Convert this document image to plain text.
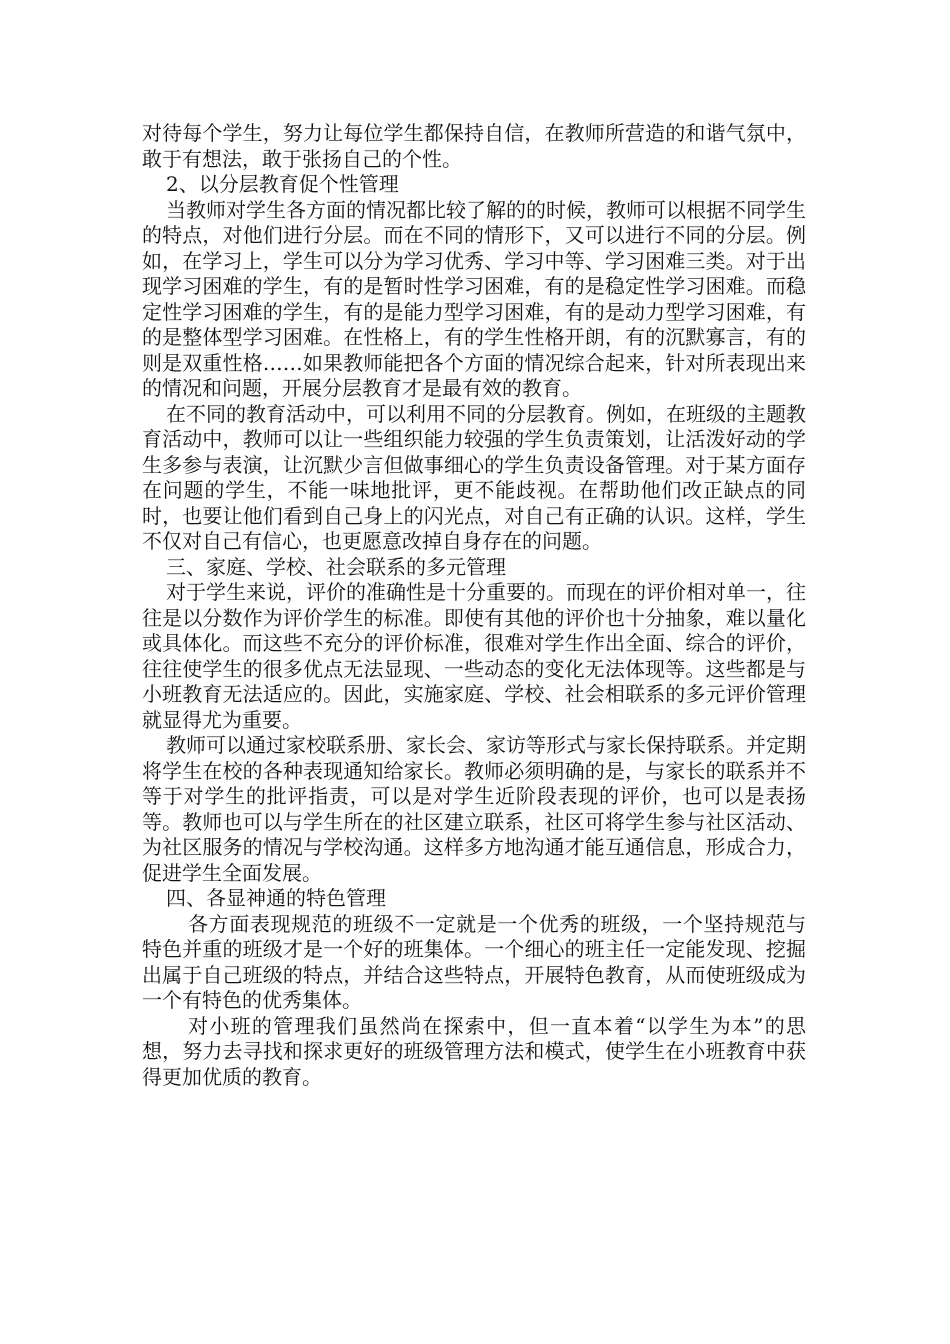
对待每个学生，努力让每位学生都保持自信，在教师所营造的和谐气氛中，敢于有想法，敢于张扬自己的个性。

2、以分层教育促个性管理

当教师对学生各方面的情况都比较了解的的时候，教师可以根据不同学生的特点，对他们进行分层。而在不同的情形下，又可以进行不同的分层。例如，在学习上，学生可以分为学习优秀、学习中等、学习困难三类。对于出现学习困难的学生，有的是暂时性学习困难，有的是稳定性学习困难。而稳定性学习困难的学生，有的是能力型学习困难，有的是动力型学习困难，有的是整体型学习困难。在性格上，有的学生性格开朗，有的沉默寡言，有的则是双重性格……如果教师能把各个方面的情况综合起来，针对所表现出来的情况和问题，开展分层教育才是最有效的教育。

在不同的教育活动中，可以利用不同的分层教育。例如，在班级的主题教育活动中，教师可以让一些组织能力较强的学生负责策划，让活泼好动的学生多参与表演，让沉默少言但做事细心的学生负责设备管理。对于某方面存在问题的学生，不能一味地批评，更不能歧视。在帮助他们改正缺点的同时，也要让他们看到自己身上的闪光点，对自己有正确的认识。这样，学生不仅对自己有信心，也更愿意改掉自身存在的问题。

三、家庭、学校、社会联系的多元管理

对于学生来说，评价的准确性是十分重要的。而现在的评价相对单一，往往是以分数作为评价学生的标准。即使有其他的评价也十分抽象，难以量化或具体化。而这些不充分的评价标准，很难对学生作出全面、综合的评价，往往使学生的很多优点无法显现、一些动态的变化无法体现等。这些都是与小班教育无法适应的。因此，实施家庭、学校、社会相联系的多元评价管理就显得尤为重要。

教师可以通过家校联系册、家长会、家访等形式与家长保持联系。并定期将学生在校的各种表现通知给家长。教师必须明确的是，与家长的联系并不等于对学生的批评指责，可以是对学生近阶段表现的评价，也可以是表扬等。教师也可以与学生所在的社区建立联系，社区可将学生参与社区活动、为社区服务的情况与学校沟通。这样多方地沟通才能互通信息，形成合力，促进学生全面发展。

四、各显神通的特色管理

各方面表现规范的班级不一定就是一个优秀的班级，一个坚持规范与特色并重的班级才是一个好的班集体。一个细心的班主任一定能发现、挖掘出属于自己班级的特点，并结合这些特点，开展特色教育，从而使班级成为一个有特色的优秀集体。

对小班的管理我们虽然尚在探索中，但一直本着“以学生为本”的思想，努力去寻找和探求更好的班级管理方法和模式，使学生在小班教育中获得更加优质的教育。
